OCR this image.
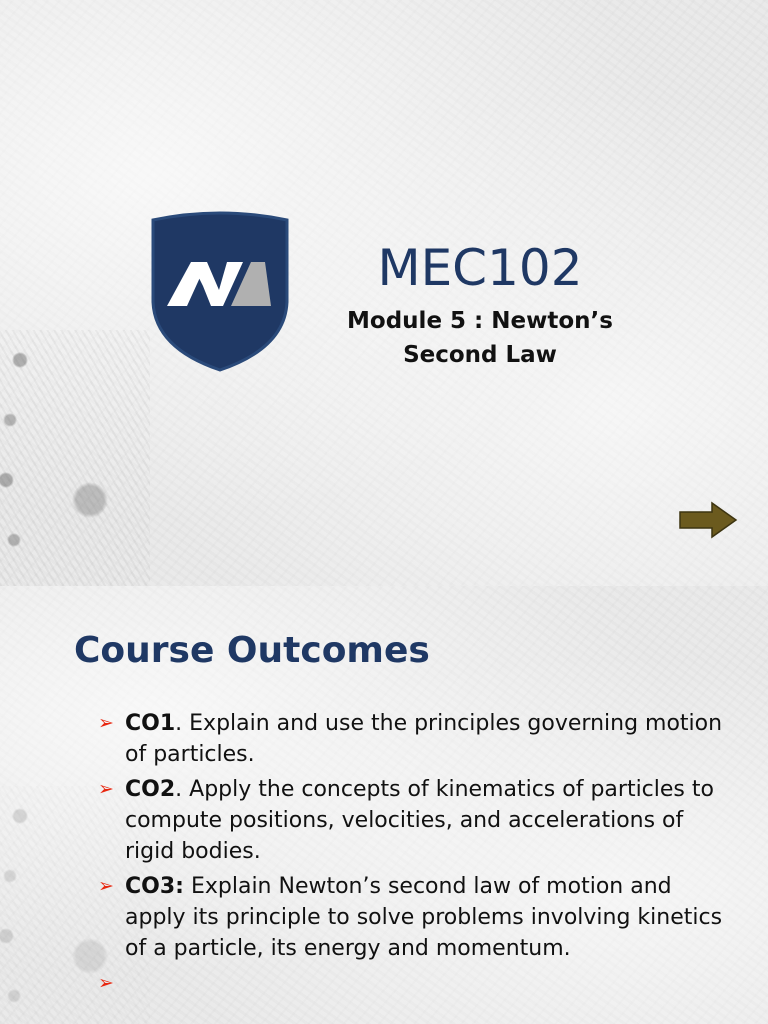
MEC102
Module 5 : Newton’s
Second Law
Course Outcomes
➢ CO1. Explain and use the principles governing motion of particles.
➢ CO2. Apply the concepts of kinematics of particles to compute positions, velocities, and accelerations of rigid bodies.
➢ CO3: Explain Newton’s second law of motion and apply its principle to solve problems involving kinetics of a particle, its energy and momentum.
➢
